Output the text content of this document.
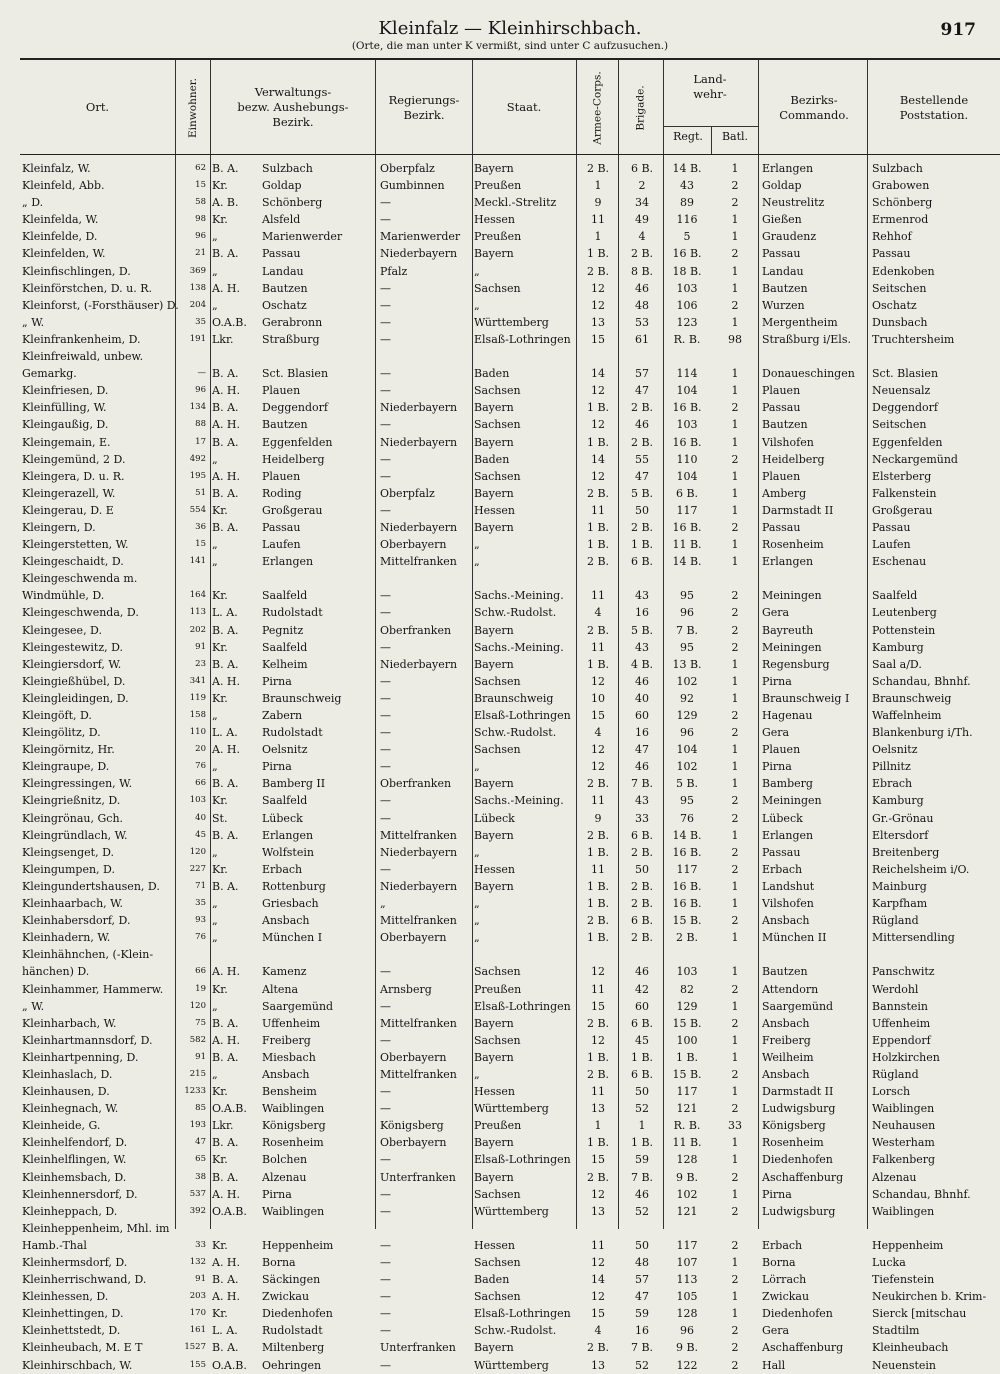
Kleinfalz — Kleinhirschbach.
(Orte, die man unter K vermißt, sind unter C aufzusuchen.)
917
Ort.	Einwohner.	Verwaltungs-
bezw. Aushebungs-
Bezirk.
Regierungs-
Bezirk.
Staat.	Armee-Corps.	Brigade.
Land-
wehr-
Regt.	Batl.
Bezirks-
Commando.
Bestellende
Poststation.
Kleinfalz, W.	62 B. A.	Sulzbach	Oberpfalz	Bayern	2 B.	6 B.	14 B.	1	Erlangen	Sulzbach
Kleinfeld, Abb.	15 Kr.	Goldap	Gumbinnen	Preußen	1	2	43	2	Goldap	Grabowen
„ D.	58 A. B.	Schönberg	—	Meckl.-Strelitz	9	34	89	2	Neustrelitz	Schönberg
Kleinfelda, W.	98 Kr.	Alsfeld	—	Hessen	11	49	116	1	Gießen	Ermenrod
Kleinfelde, D.	96 „	Marienwerder	Marienwerder	Preußen	1	4	5	1	Graudenz	Rehhof
Kleinfelden, W.	21 B. A.	Passau	Niederbayern	Bayern	1 B.	2 B.	16 B.	2	Passau	Passau
Kleinfischlingen, D.	369 „	Landau	Pfalz	„	2 B.	8 B.	18 B.	1	Landau	Edenkoben
Kleinförstchen, D. u. R.	138 A. H.	Bautzen	—	Sachsen	12	46	103	1	Bautzen	Seitschen
Kleinforst, (-Forsthäuser) D.	204 „	Oschatz	—	„	12	48	106	2	Wurzen	Oschatz
„ W.	35 O.A.B.	Gerabronn	—	Württemberg	13	53	123	1	Mergentheim	Dunsbach
Kleinfrankenheim, D.	191 Lkr.	Straßburg	—	Elsaß-Lothringen	15	61	R. B.	98	Straßburg i/Els.	Truchtersheim
Kleinfreiwald, unbew.
Gemarkg.	— B. A.	Sct. Blasien	—	Baden	14	57	114	1	Donaueschingen	Sct. Blasien
Kleinfriesen, D.	96 A. H.	Plauen	—	Sachsen	12	47	104	1	Plauen	Neuensalz
Kleinfülling, W.	134 B. A.	Deggendorf	Niederbayern	Bayern	1 B.	2 B.	16 B.	2	Passau	Deggendorf
Kleingaußig, D.	88 A. H.	Bautzen	—	Sachsen	12	46	103	1	Bautzen	Seitschen
Kleingemain, E.	17 B. A.	Eggenfelden	Niederbayern	Bayern	1 B.	2 B.	16 B.	1	Vilshofen	Eggenfelden
Kleingemünd, 2 D.	492 „	Heidelberg	—	Baden	14	55	110	2	Heidelberg	Neckargemünd
Kleingera, D. u. R.	195 A. H.	Plauen	—	Sachsen	12	47	104	1	Plauen	Elsterberg
Kleingerazell, W.	51 B. A.	Roding	Oberpfalz	Bayern	2 B.	5 B.	6 B.	1	Amberg	Falkenstein
Kleingerau, D. E	554 Kr.	Großgerau	—	Hessen	11	50	117	1	Darmstadt II	Großgerau
Kleingern, D.	36 B. A.	Passau	Niederbayern	Bayern	1 B.	2 B.	16 B.	2	Passau	Passau
Kleingerstetten, W.	15 „	Laufen	Oberbayern	„	1 B.	1 B.	11 B.	1	Rosenheim	Laufen
Kleingeschaidt, D.	141 „	Erlangen	Mittelfranken	„	2 B.	6 B.	14 B.	1	Erlangen	Eschenau
Kleingeschwenda m.
Windmühle, D.	164 Kr.	Saalfeld	—	Sachs.-Meining.	11	43	95	2	Meiningen	Saalfeld
Kleingeschwenda, D.	113 L. A.	Rudolstadt	—	Schw.-Rudolst.	4	16	96	2	Gera	Leutenberg
Kleingesee, D.	202 B. A.	Pegnitz	Oberfranken	Bayern	2 B.	5 B.	7 B.	2	Bayreuth	Pottenstein
Kleingestewitz, D.	91 Kr.	Saalfeld	—	Sachs.-Meining.	11	43	95	2	Meiningen	Kamburg
Kleingiersdorf, W.	23 B. A.	Kelheim	Niederbayern	Bayern	1 B.	4 B.	13 B.	1	Regensburg	Saal a/D.
Kleingießhübel, D.	341 A. H.	Pirna	—	Sachsen	12	46	102	1	Pirna	Schandau, Bhnhf.
Kleingleidingen, D.	119 Kr.	Braunschweig	—	Braunschweig	10	40	92	1	Braunschweig I	Braunschweig
Kleingöft, D.	158 „	Zabern	—	Elsaß-Lothringen	15	60	129	2	Hagenau	Waffelnheim
Kleingölitz, D.	110 L. A.	Rudolstadt	—	Schw.-Rudolst.	4	16	96	2	Gera	Blankenburg i/Th.
Kleingörnitz, Hr.	20 A. H.	Oelsnitz	—	Sachsen	12	47	104	1	Plauen	Oelsnitz
Kleingraupe, D.	76 „	Pirna	—	„	12	46	102	1	Pirna	Pillnitz
Kleingressingen, W.	66 B. A.	Bamberg II	Oberfranken	Bayern	2 B.	7 B.	5 B.	1	Bamberg	Ebrach
Kleingrießnitz, D.	103 Kr.	Saalfeld	—	Sachs.-Meining.	11	43	95	2	Meiningen	Kamburg
Kleingrönau, Gch.	40 St.	Lübeck	—	Lübeck	9	33	76	2	Lübeck	Gr.-Grönau
Kleingründlach, W.	45 B. A.	Erlangen	Mittelfranken	Bayern	2 B.	6 B.	14 B.	1	Erlangen	Eltersdorf
Kleingsenget, D.	120 „	Wolfstein	Niederbayern	„	1 B.	2 B.	16 B.	2	Passau	Breitenberg
Kleingumpen, D.	227 Kr.	Erbach	—	Hessen	11	50	117	2	Erbach	Reichelsheim i/O.
Kleingundertshausen, D.	71 B. A.	Rottenburg	Niederbayern	Bayern	1 B.	2 B.	16 B.	1	Landshut	Mainburg
Kleinhaarbach, W.	35 „	Griesbach	„	„	1 B.	2 B.	16 B.	1	Vilshofen	Karpfham
Kleinhabersdorf, D.	93 „	Ansbach	Mittelfranken	„	2 B.	6 B.	15 B.	2	Ansbach	Rügland
Kleinhadern, W.	76 „	München I	Oberbayern	„	1 B.	2 B.	2 B.	1	München II	Mittersendling
Kleinhähnchen, (-Klein-
hänchen) D.	66 A. H.	Kamenz	—	Sachsen	12	46	103	1	Bautzen	Panschwitz
Kleinhammer, Hammerw.	19 Kr.	Altena	Arnsberg	Preußen	11	42	82	2	Attendorn	Werdohl
„ W.	120 „	Saargemünd	—	Elsaß-Lothringen	15	60	129	1	Saargemünd	Bannstein
Kleinharbach, W.	75 B. A.	Uffenheim	Mittelfranken	Bayern	2 B.	6 B.	15 B.	2	Ansbach	Uffenheim
Kleinhartmannsdorf, D.	582 A. H.	Freiberg	—	Sachsen	12	45	100	1	Freiberg	Eppendorf
Kleinhartpenning, D.	91 B. A.	Miesbach	Oberbayern	Bayern	1 B.	1 B.	1 B.	1	Weilheim	Holzkirchen
Kleinhaslach, D.	215 „	Ansbach	Mittelfranken	„	2 B.	6 B.	15 B.	2	Ansbach	Rügland
Kleinhausen, D.	1233 Kr.	Bensheim	—	Hessen	11	50	117	1	Darmstadt II	Lorsch
Kleinhegnach, W.	85 O.A.B.	Waiblingen	—	Württemberg	13	52	121	2	Ludwigsburg	Waiblingen
Kleinheide, G.	193 Lkr.	Königsberg	Königsberg	Preußen	1	1	R. B.	33	Königsberg	Neuhausen
Kleinhelfendorf, D.	47 B. A.	Rosenheim	Oberbayern	Bayern	1 B.	1 B.	11 B.	1	Rosenheim	Westerham
Kleinhelflingen, W.	65 Kr.	Bolchen	—	Elsaß-Lothringen	15	59	128	1	Diedenhofen	Falkenberg
Kleinhemsbach, D.	38 B. A.	Alzenau	Unterfranken	Bayern	2 B.	7 B.	9 B.	2	Aschaffenburg	Alzenau
Kleinhennersdorf, D.	537 A. H.	Pirna	—	Sachsen	12	46	102	1	Pirna	Schandau, Bhnhf.
Kleinheppach, D.	392 O.A.B.	Waiblingen	—	Württemberg	13	52	121	2	Ludwigsburg	Waiblingen
Kleinheppenheim, Mhl. im
Hamb.-Thal	33 Kr.	Heppenheim	—	Hessen	11	50	117	2	Erbach	Heppenheim
Kleinhermsdorf, D.	132 A. H.	Borna	—	Sachsen	12	48	107	1	Borna	Lucka
Kleinherrischwand, D.	91 B. A.	Säckingen	—	Baden	14	57	113	2	Lörrach	Tiefenstein
Kleinhessen, D.	203 A. H.	Zwickau	—	Sachsen	12	47	105	1	Zwickau	Neukirchen b. Krim-
Kleinhettingen, D.	170 Kr.	Diedenhofen	—	Elsaß-Lothringen	15	59	128	1	Diedenhofen	Sierck [mitschau
Kleinhettstedt, D.	161 L. A.	Rudolstadt	—	Schw.-Rudolst.	4	16	96	2	Gera	Stadtilm
Kleinheubach, M. E T	1527 B. A.	Miltenberg	Unterfranken	Bayern	2 B.	7 B.	9 B.	2	Aschaffenburg	Kleinheubach
Kleinhirschbach, W.	155 O.A.B.	Oehringen	—	Württemberg	13	52	122	2	Hall	Neuenstein
